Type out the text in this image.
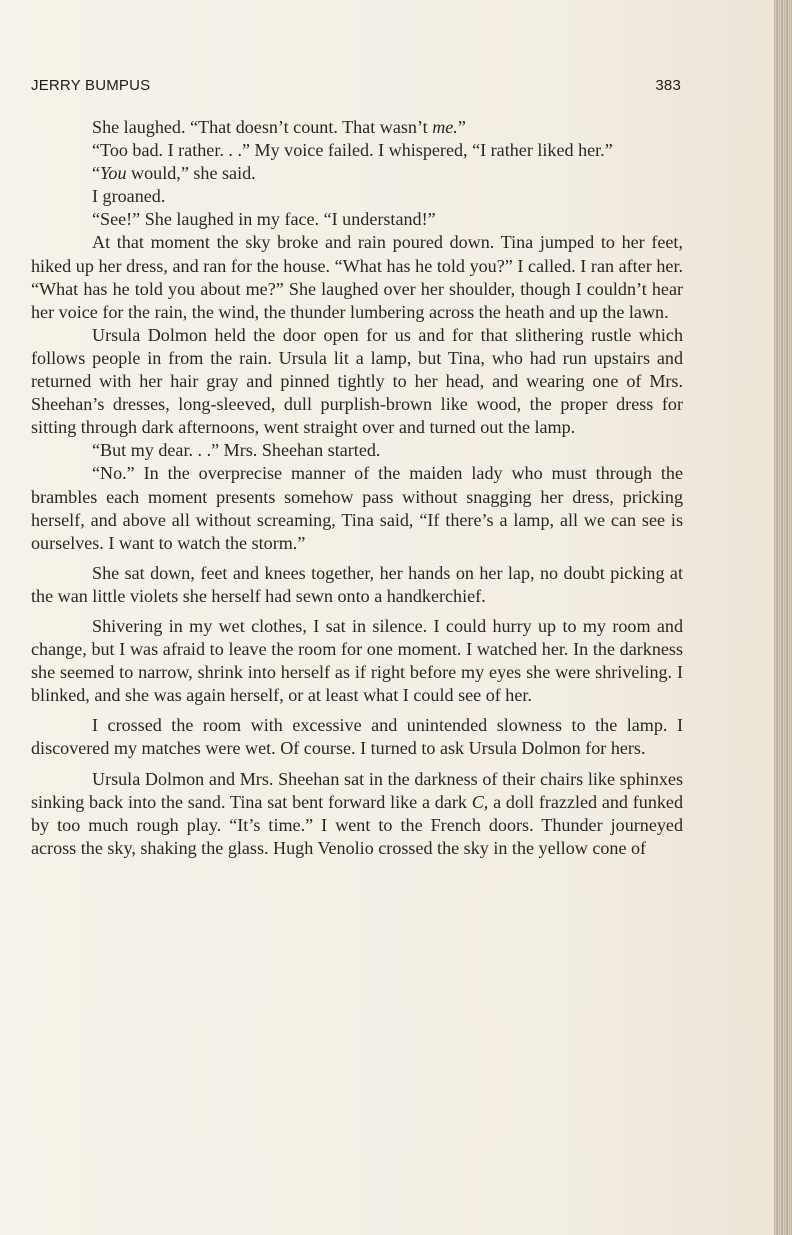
JERRY BUMPUS	383

She laughed. “That doesn’t count. That wasn’t me.”

“Too bad. I rather. . .” My voice failed. I whispered, “I rather liked her.”

“You would,” she said.

I groaned.

“See!” She laughed in my face. “I understand!”

At that moment the sky broke and rain poured down. Tina jumped to her feet, hiked up her dress, and ran for the house. “What has he told you?” I called. I ran after her. “What has he told you about me?” She laughed over her shoulder, though I couldn’t hear her voice for the rain, the wind, the thunder lumbering across the heath and up the lawn.

Ursula Dolmon held the door open for us and for that slithering rustle which follows people in from the rain. Ursula lit a lamp, but Tina, who had run upstairs and returned with her hair gray and pinned tightly to her head, and wearing one of Mrs. Sheehan’s dresses, long-sleeved, dull purplish-brown like wood, the proper dress for sitting through dark afternoons, went straight over and turned out the lamp.

“But my dear. . .” Mrs. Sheehan started.

“No.” In the overprecise manner of the maiden lady who must through the brambles each moment presents somehow pass without snagging her dress, pricking herself, and above all without screaming, Tina said, “If there’s a lamp, all we can see is ourselves. I want to watch the storm.”

She sat down, feet and knees together, her hands on her lap, no doubt picking at the wan little violets she herself had sewn onto a handkerchief.

Shivering in my wet clothes, I sat in silence. I could hurry up to my room and change, but I was afraid to leave the room for one moment. I watched her. In the darkness she seemed to narrow, shrink into herself as if right before my eyes she were shriveling. I blinked, and she was again herself, or at least what I could see of her.

I crossed the room with excessive and unintended slowness to the lamp. I discovered my matches were wet. Of course. I turned to ask Ursula Dolmon for hers.

Ursula Dolmon and Mrs. Sheehan sat in the darkness of their chairs like sphinxes sinking back into the sand. Tina sat bent forward like a dark C, a doll frazzled and funked by too much rough play. “It’s time.” I went to the French doors. Thunder journeyed across the sky, shaking the glass. Hugh Venolio crossed the sky in the yellow cone of
